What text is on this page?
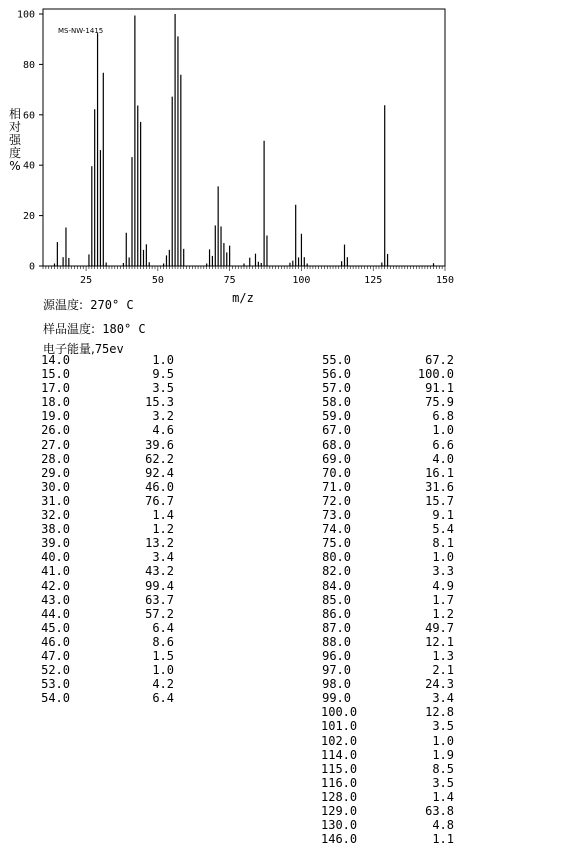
MS-NW-1415
0
20
40
60
80
100
25	50	75	100	125	150
m/z
相对强度%
源温度: 270° C
样品温度: 180° C
电子能量,75ev
14.0	1.0
15.0	9.5
17.0	3.5
18.0	15.3
19.0	3.2
26.0	4.6
27.0	39.6
28.0	62.2
29.0	92.4
30.0	46.0
31.0	76.7
32.0	1.4
38.0	1.2
39.0	13.2
40.0	3.4
41.0	43.2
42.0	99.4
43.0	63.7
44.0	57.2
45.0	6.4
46.0	8.6
47.0	1.5
52.0	1.0
53.0	4.2
54.0	6.4
55.0	67.2
56.0	100.0
57.0	91.1
58.0	75.9
59.0	6.8
67.0	1.0
68.0	6.6
69.0	4.0
70.0	16.1
71.0	31.6
72.0	15.7
73.0	9.1
74.0	5.4
75.0	8.1
80.0	1.0
82.0	3.3
84.0	4.9
85.0	1.7
86.0	1.2
87.0	49.7
88.0	12.1
96.0	1.3
97.0	2.1
98.0	24.3
99.0	3.4
100.0	12.8
101.0	3.5
102.0	1.0
114.0	1.9
115.0	8.5
116.0	3.5
128.0	1.4
129.0	63.8
130.0	4.8
146.0	1.1
